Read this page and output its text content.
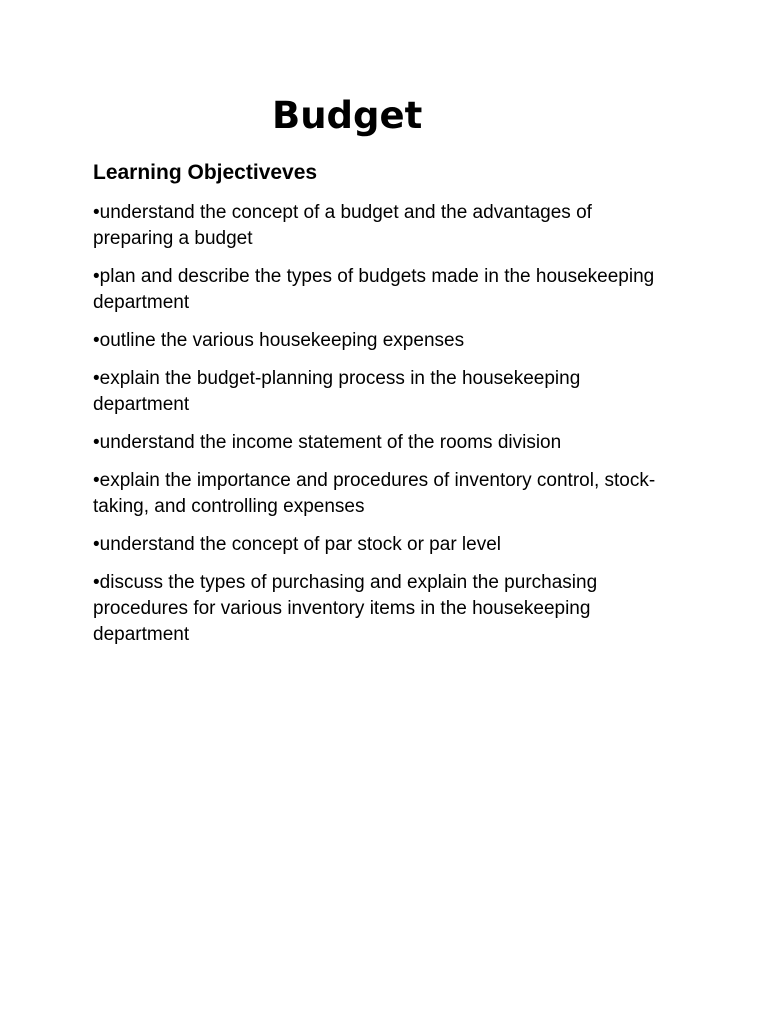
Budget
Learning Objectiveves
•understand the concept of a budget and the advantages of preparing a budget
•plan and describe the types of budgets made in the housekeeping department
•outline the various housekeeping expenses
•explain the budget-planning process in the housekeeping department
•understand the income statement of the rooms division
•explain the importance and procedures of inventory control, stock-taking, and controlling expenses
•understand the concept of par stock or par level
•discuss the types of purchasing and explain the purchasing procedures for various inventory items in the housekeeping department
